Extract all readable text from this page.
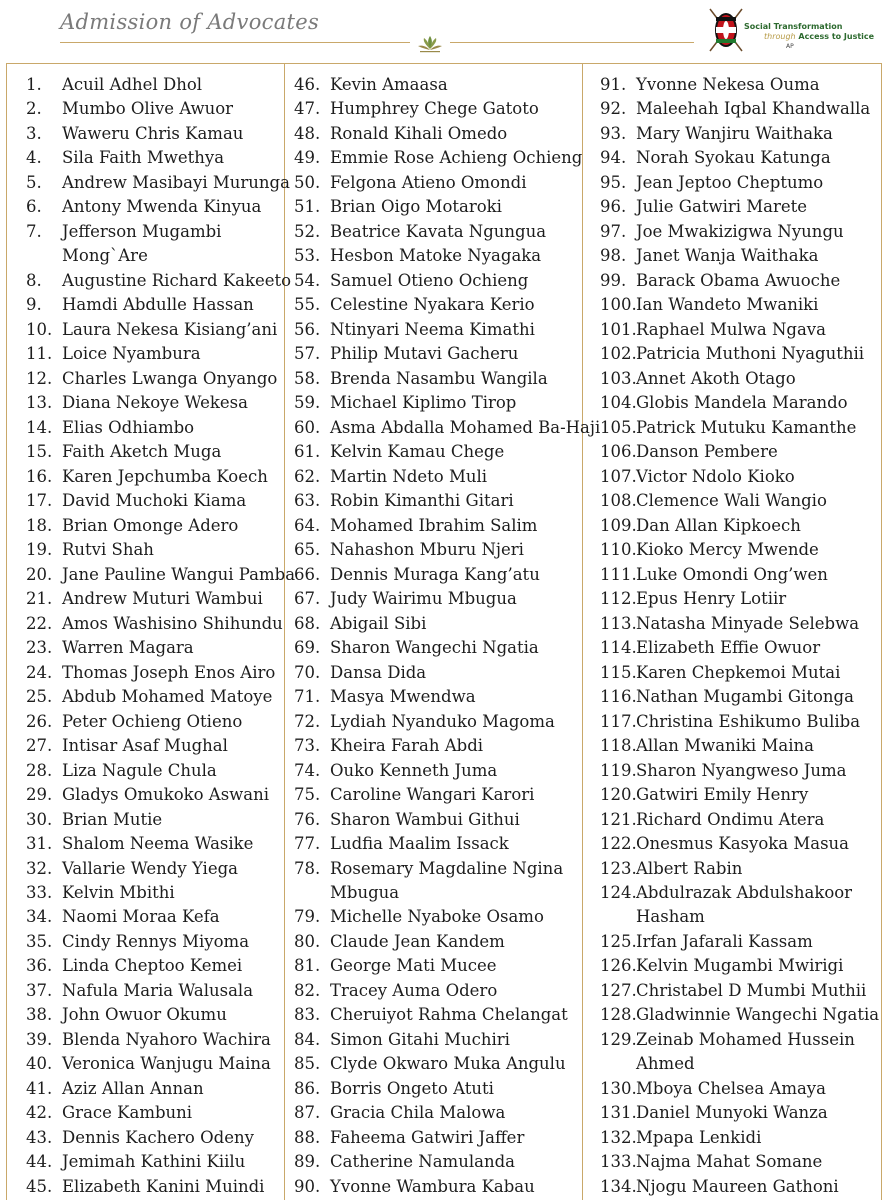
Admission of Advocates	Social Transformation
through Access to Justice
AP
1.	Acuil Adhel Dhol
2.	Mumbo Olive Awuor
3.	Waweru Chris Kamau
4.	Sila Faith Mwethya
5.	Andrew Masibayi Murunga
6.	Antony Mwenda Kinyua
7.	Jefferson Mugambi
Mong`Are
8.	Augustine Richard Kakeeto
9.	Hamdi Abdulle Hassan
10. Laura Nekesa Kisiang’ani
11. Loice Nyambura
12. Charles Lwanga Onyango
13. Diana Nekoye Wekesa
14. Elias Odhiambo
15. Faith Aketch Muga
16. Karen Jepchumba Koech
17. David Muchoki Kiama
18. Brian Omonge Adero
19. Rutvi Shah
20. Jane Pauline Wangui Pamba
21. Andrew Muturi Wambui
22. Amos Washisino Shihundu
23. Warren Magara
24. Thomas Joseph Enos Airo
25. Abdub Mohamed Matoye
26. Peter Ochieng Otieno
27. Intisar Asaf Mughal
28. Liza Nagule Chula
29. Gladys Omukoko Aswani
30. Brian Mutie
31. Shalom Neema Wasike
32. Vallarie Wendy Yiega
33. Kelvin Mbithi
34. Naomi Moraa Kefa
35. Cindy Rennys Miyoma
36. Linda Cheptoo Kemei
37. Nafula Maria Walusala
38. John Owuor Okumu
39. Blenda Nyahoro Wachira
40. Veronica Wanjugu Maina
41. Aziz Allan Annan
42. Grace Kambuni
43. Dennis Kachero Odeny
44. Jemimah Kathini Kiilu
45. Elizabeth Kanini Muindi
46. Kevin Amaasa
47. Humphrey Chege Gatoto
48. Ronald Kihali Omedo
49. Emmie Rose Achieng Ochieng
50. Felgona Atieno Omondi
51. Brian Oigo Motaroki
52. Beatrice Kavata Ngungua
53. Hesbon Matoke Nyagaka
54. Samuel Otieno Ochieng
55. Celestine Nyakara Kerio
56. Ntinyari Neema Kimathi
57. Philip Mutavi Gacheru
58. Brenda Nasambu Wangila
59. Michael Kiplimo Tirop
60. Asma Abdalla Mohamed Ba-Haji
61. Kelvin Kamau Chege
62. Martin Ndeto Muli
63. Robin Kimanthi Gitari
64. Mohamed Ibrahim Salim
65. Nahashon Mburu Njeri
66. Dennis Muraga Kang’atu
67. Judy Wairimu Mbugua
68. Abigail Sibi
69. Sharon Wangechi Ngatia
70. Dansa Dida
71. Masya Mwendwa
72. Lydiah Nyanduko Magoma
73. Kheira Farah Abdi
74. Ouko Kenneth Juma
75. Caroline Wangari Karori
76. Sharon Wambui Githui
77. Ludfia Maalim Issack
78. Rosemary Magdaline Ngina
Mbugua
79. Michelle Nyaboke Osamo
80. Claude Jean Kandem
81. George Mati Mucee
82. Tracey Auma Odero
83. Cheruiyot Rahma Chelangat
84. Simon Gitahi Muchiri
85. Clyde Okwaro Muka Angulu
86. Borris Ongeto Atuti
87. Gracia Chila Malowa
88. Faheema Gatwiri Jaffer
89. Catherine Namulanda
90. Yvonne Wambura Kabau
91. Yvonne Nekesa Ouma
92. Maleehah Iqbal Khandwalla
93. Mary Wanjiru Waithaka
94. Norah Syokau Katunga
95. Jean Jeptoo Cheptumo
96. Julie Gatwiri Marete
97. Joe Mwakizigwa Nyungu
98. Janet Wanja Waithaka
99. Barack Obama Awuoche
100. Ian Wandeto Mwaniki
101. Raphael Mulwa Ngava
102. Patricia Muthoni Nyaguthii
103. Annet Akoth Otago
104. Globis Mandela Marando
105. Patrick Mutuku Kamanthe
106. Danson Pembere
107. Victor Ndolo Kioko
108. Clemence Wali Wangio
109. Dan Allan Kipkoech
110. Kioko Mercy Mwende
111. Luke Omondi Ong’wen
112. Epus Henry Lotiir
113. Natasha Minyade Selebwa
114. Elizabeth Effie Owuor
115. Karen Chepkemoi Mutai
116. Nathan Mugambi Gitonga
117. Christina Eshikumo Buliba
118. Allan Mwaniki Maina
119. Sharon Nyangweso Juma
120. Gatwiri Emily Henry
121. Richard Ondimu Atera
122. Onesmus Kasyoka Masua
123. Albert Rabin
124. Abdulrazak Abdulshakoor
Hasham
125. Irfan Jafarali Kassam
126. Kelvin Mugambi Mwirigi
127. Christabel D Mumbi Muthii
128. Gladwinnie Wangechi Ngatia
129. Zeinab Mohamed Hussein
Ahmed
130. Mboya Chelsea Amaya
131. Daniel Munyoki Wanza
132. Mpapa Lenkidi
133. Najma Mahat Somane
134. Njogu Maureen Gathoni
